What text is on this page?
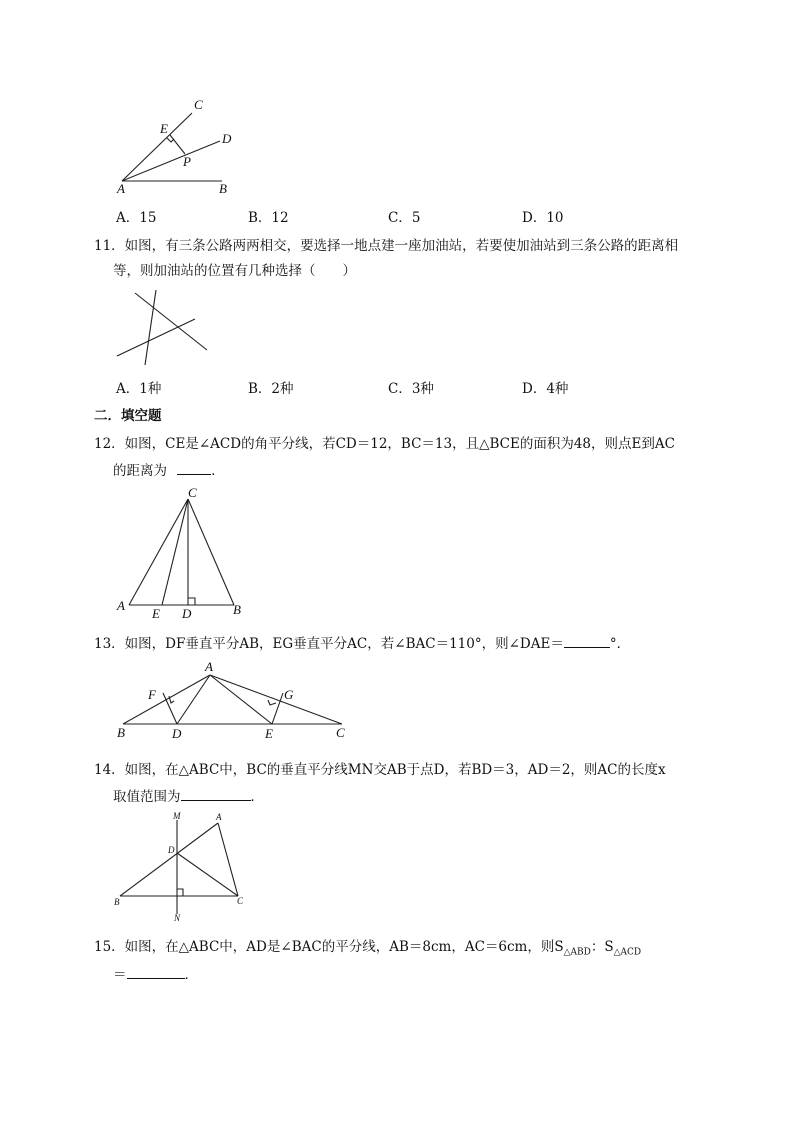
C
E
D
P
A	B
A．15	B．12	C．5	D．10
11．如图，有三条公路两两相交，要选择一地点建一座加油站，若要使加油站到三条公路的距离相
等，则加油站的位置有几种选择（　　）
A．1种	B．2种	C．3种	D．4种
二．填空题
12．如图，CE是∠ACD的角平分线，若CD＝12，BC＝13，且△BCE的面积为48，则点E到AC
的距离为	．
C
A
E D	B
13．如图，DF垂直平分AB，EG垂直平分AC，若∠BAC＝110°，则∠DAE＝	°．
A
F	G
B	D	E	C
14．如图，在△ABC中，BC的垂直平分线MN交AB于点D，若BD＝3，AD＝2，则AC的长度x
取值范围为	．
M	A
D
B	C
N
15．如图，在△ABC中，AD是∠BAC的平分线，AB＝8cm，AC＝6cm，则$S_{\triangle ABD}$：$S_{\triangle ACD}$
＝	．
